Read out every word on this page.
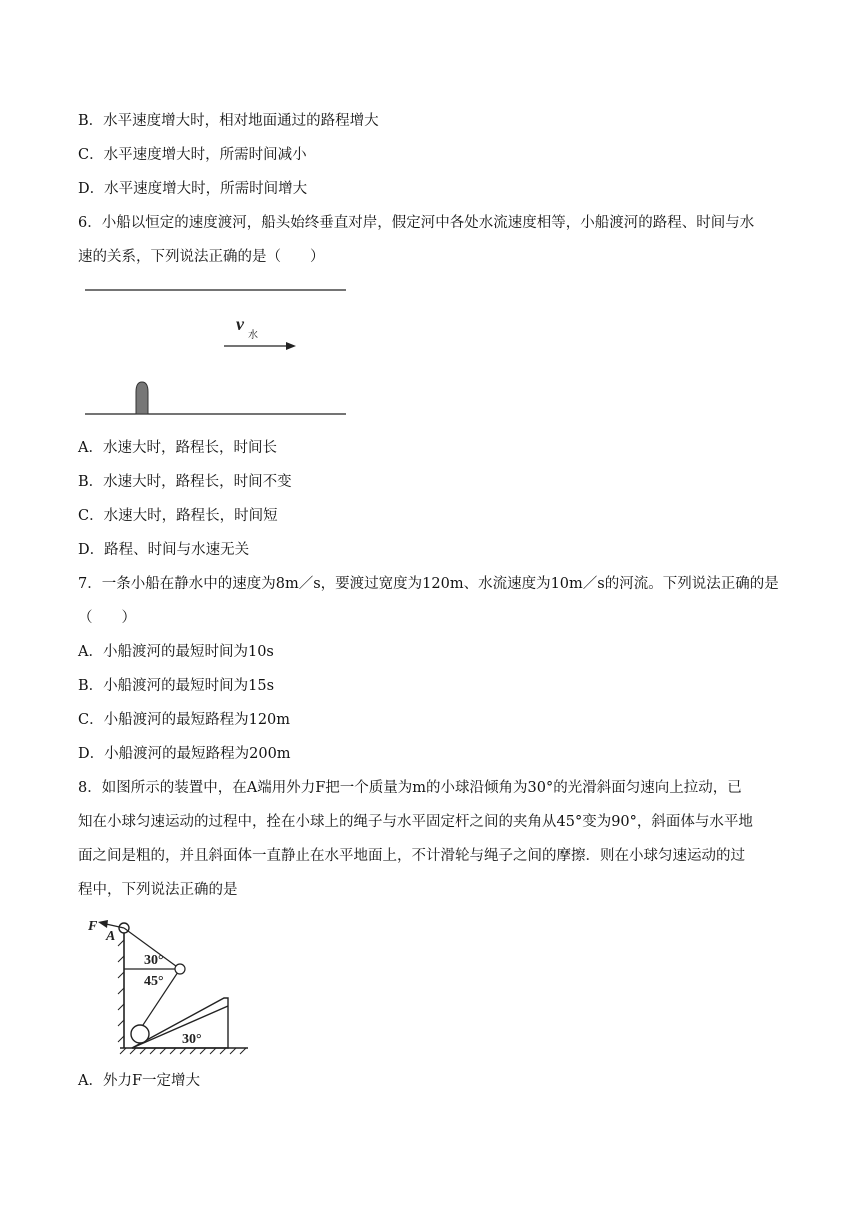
B．水平速度增大时，相对地面通过的路程增大
C．水平速度增大时，所需时间减小
D．水平速度增大时，所需时间增大
6．小船以恒定的速度渡河，船头始终垂直对岸，假定河中各处水流速度相等，小船渡河的路程、时间与水
速的关系，下列说法正确的是（　　）
v
水
A．水速大时，路程长，时间长
B．水速大时，路程长，时间不变
C．水速大时，路程长，时间短
D．路程、时间与水速无关
7．一条小船在静水中的速度为8m／s，要渡过宽度为120m、水流速度为10m／s的河流。下列说法正确的是
（　　）
A．小船渡河的最短时间为10s
B．小船渡河的最短时间为15s
C．小船渡河的最短路程为120m
D．小船渡河的最短路程为200m
8．如图所示的装置中，在A端用外力F把一个质量为m的小球沿倾角为30°的光滑斜面匀速向上拉动，已
知在小球匀速运动的过程中，拴在小球上的绳子与水平固定杆之间的夹角从45°变为90°，斜面体与水平地
面之间是粗的，并且斜面体一直静止在水平地面上，不计滑轮与绳子之间的摩擦．则在小球匀速运动的过
程中，下列说法正确的是
F
A
30°
45°
30°
A．外力F一定增大
